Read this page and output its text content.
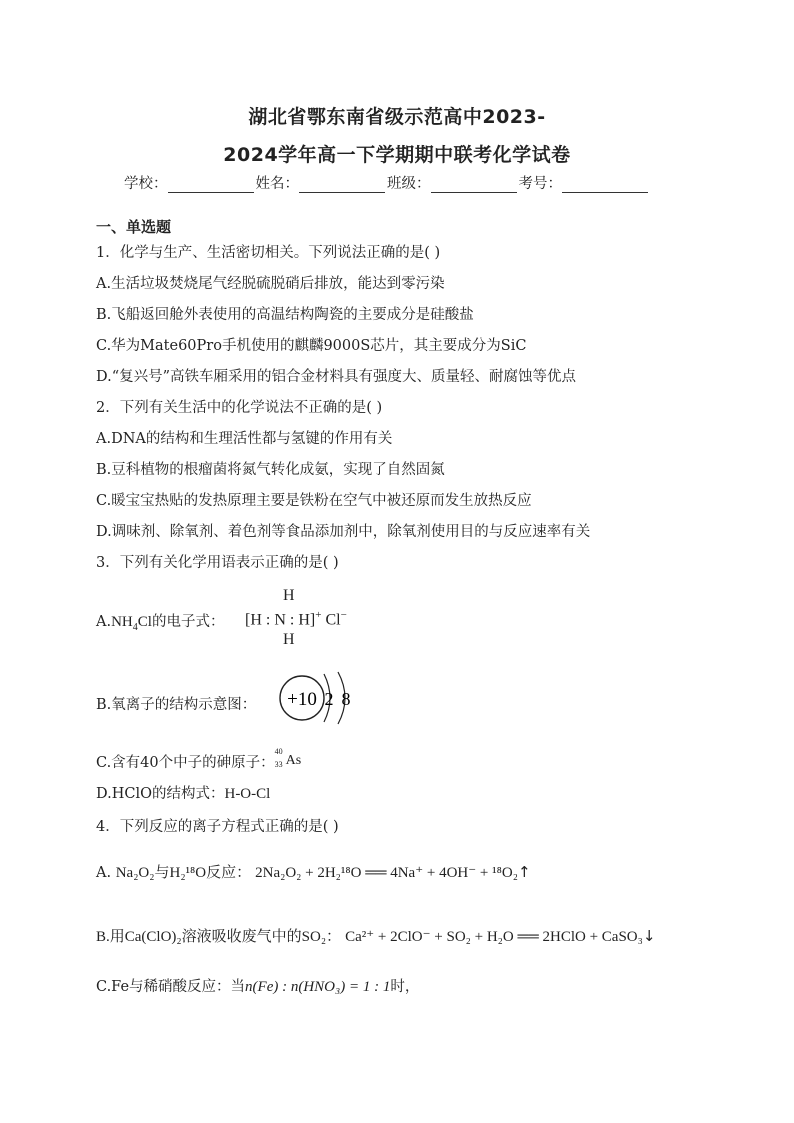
湖北省鄂东南省级示范高中2023-
2024学年高一下学期期中联考化学试卷
学校：	姓名：	班级：	考号：
一、单选题
1．化学与生产、生活密切相关。下列说法正确的是( )
A.生活垃圾焚烧尾气经脱硫脱硝后排放，能达到零污染
B.飞船返回舱外表使用的高温结构陶瓷的主要成分是硅酸盐
C.华为Mate60Pro手机使用的麒麟9000S芯片，其主要成分为SiC
D.“复兴号”高铁车厢采用的铝合金材料具有强度大、质量轻、耐腐蚀等优点
2．下列有关生活中的化学说法不正确的是( )
A.DNA的结构和生理活性都与氢键的作用有关
B.豆科植物的根瘤菌将氮气转化成氨，实现了自然固氮
C.暖宝宝热贴的发热原理主要是铁粉在空气中被还原而发生放热反应
D.调味剂、除氧剂、着色剂等食品添加剂中，除氧剂使用目的与反应速率有关
3．下列有关化学用语表示正确的是( )
$A.NH_4Cl$的电子式：
H
[H : N : H]+ Cl−
H
B.氧离子的结构示意图： +10 2 8
C.含有40个中子的砷原子：
40
33 As

D.HClO的结构式：H-O-Cl
4．下列反应的离子方程式正确的是( )
A. Na₂O₂与H₂¹⁸O反应： 2Na₂O₂ + 2H₂¹⁸O ══ 4Na⁺ + 4OH⁻ + ¹⁸O₂↑
B.用Ca(ClO)₂溶液吸收废气中的SO₂： Ca²⁺ + 2ClO⁻ + SO₂ + H₂O ══ 2HClO + CaSO₃↓
C.Fe与稀硝酸反应：当n(Fe) : n(HNO₃) = 1 : 1时，
